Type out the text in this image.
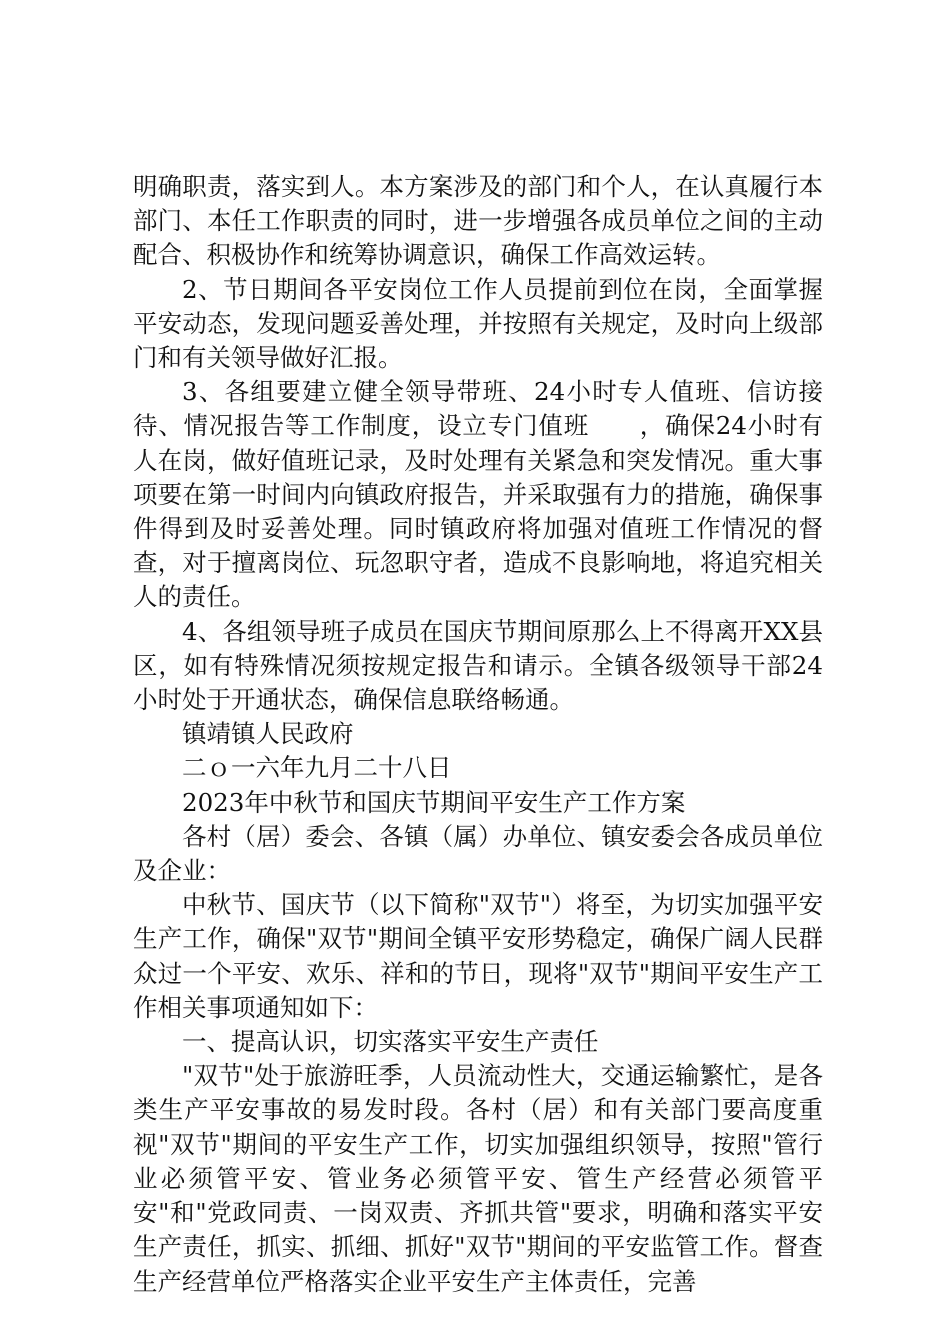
明确职责，落实到人。本方案涉及的部门和个人，在认真履行本部门、本任工作职责的同时，进一步增强各成员单位之间的主动配合、积极协作和统筹协调意识，确保工作高效运转。

2、节日期间各平安岗位工作人员提前到位在岗，全面掌握平安动态，发现问题妥善处理，并按照有关规定，及时向上级部门和有关领导做好汇报。

3、各组要建立健全领导带班、24小时专人值班、信访接待、情况报告等工作制度，设立专门值班　　，确保24小时有人在岗，做好值班记录，及时处理有关紧急和突发情况。重大事项要在第一时间内向镇政府报告，并采取强有力的措施，确保事件得到及时妥善处理。同时镇政府将加强对值班工作情况的督查，对于擅离岗位、玩忽职守者，造成不良影响地，将追究相关人的责任。

4、各组领导班子成员在国庆节期间原那么上不得离开XX县区，如有特殊情况须按规定报告和请示。全镇各级领导干部24小时处于开通状态，确保信息联络畅通。

镇靖镇人民政府

二ｏ一六年九月二十八日

2023年中秋节和国庆节期间平安生产工作方案

各村（居）委会、各镇（属）办单位、镇安委会各成员单位及企业：

中秋节、国庆节（以下简称"双节"）将至，为切实加强平安生产工作，确保"双节"期间全镇平安形势稳定，确保广阔人民群众过一个平安、欢乐、祥和的节日，现将"双节"期间平安生产工作相关事项通知如下：

一、提高认识，切实落实平安生产责任

"双节"处于旅游旺季，人员流动性大，交通运输繁忙，是各类生产平安事故的易发时段。各村（居）和有关部门要高度重视"双节"期间的平安生产工作，切实加强组织领导，按照"管行业必须管平安、管业务必须管平安、管生产经营必须管平安"和"党政同责、一岗双责、齐抓共管"要求，明确和落实平安生产责任，抓实、抓细、抓好"双节"期间的平安监管工作。督查生产经营单位严格落实企业平安生产主体责任，完善
